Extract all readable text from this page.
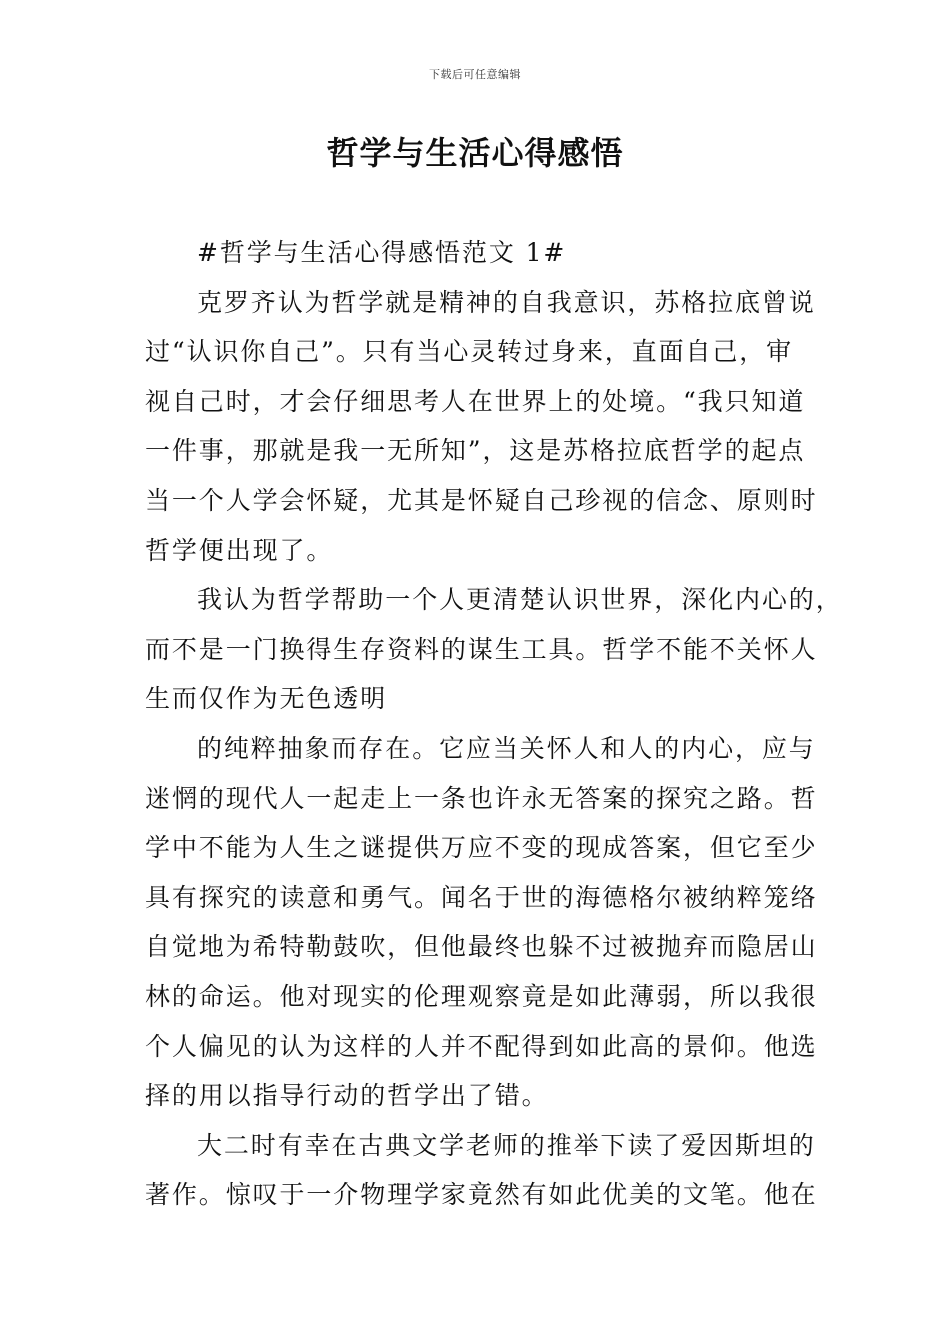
下载后可任意编辑
哲学与生活心得感悟
#哲学与生活心得感悟范文 1#
克罗齐认为哲学就是精神的自我意识，苏格拉底曾说
过“认识你自己”。只有当心灵转过身来，直面自己，审
视自己时，才会仔细思考人在世界上的处境。“我只知道
一件事，那就是我一无所知”，这是苏格拉底哲学的起点
当一个人学会怀疑，尤其是怀疑自己珍视的信念、原则时
哲学便出现了。
我认为哲学帮助一个人更清楚认识世界，深化内心的，
而不是一门换得生存资料的谋生工具。哲学不能不关怀人
生而仅作为无色透明
的纯粹抽象而存在。它应当关怀人和人的内心，应与
迷惘的现代人一起走上一条也许永无答案的探究之路。哲
学中不能为人生之谜提供万应不变的现成答案，但它至少
具有探究的读意和勇气。闻名于世的海德格尔被纳粹笼络
自觉地为希特勒鼓吹，但他最终也躲不过被抛弃而隐居山
林的命运。他对现实的伦理观察竟是如此薄弱，所以我很
个人偏见的认为这样的人并不配得到如此高的景仰。他选
择的用以指导行动的哲学出了错。
大二时有幸在古典文学老师的推举下读了爱因斯坦的
著作。惊叹于一介物理学家竟然有如此优美的文笔。他在
